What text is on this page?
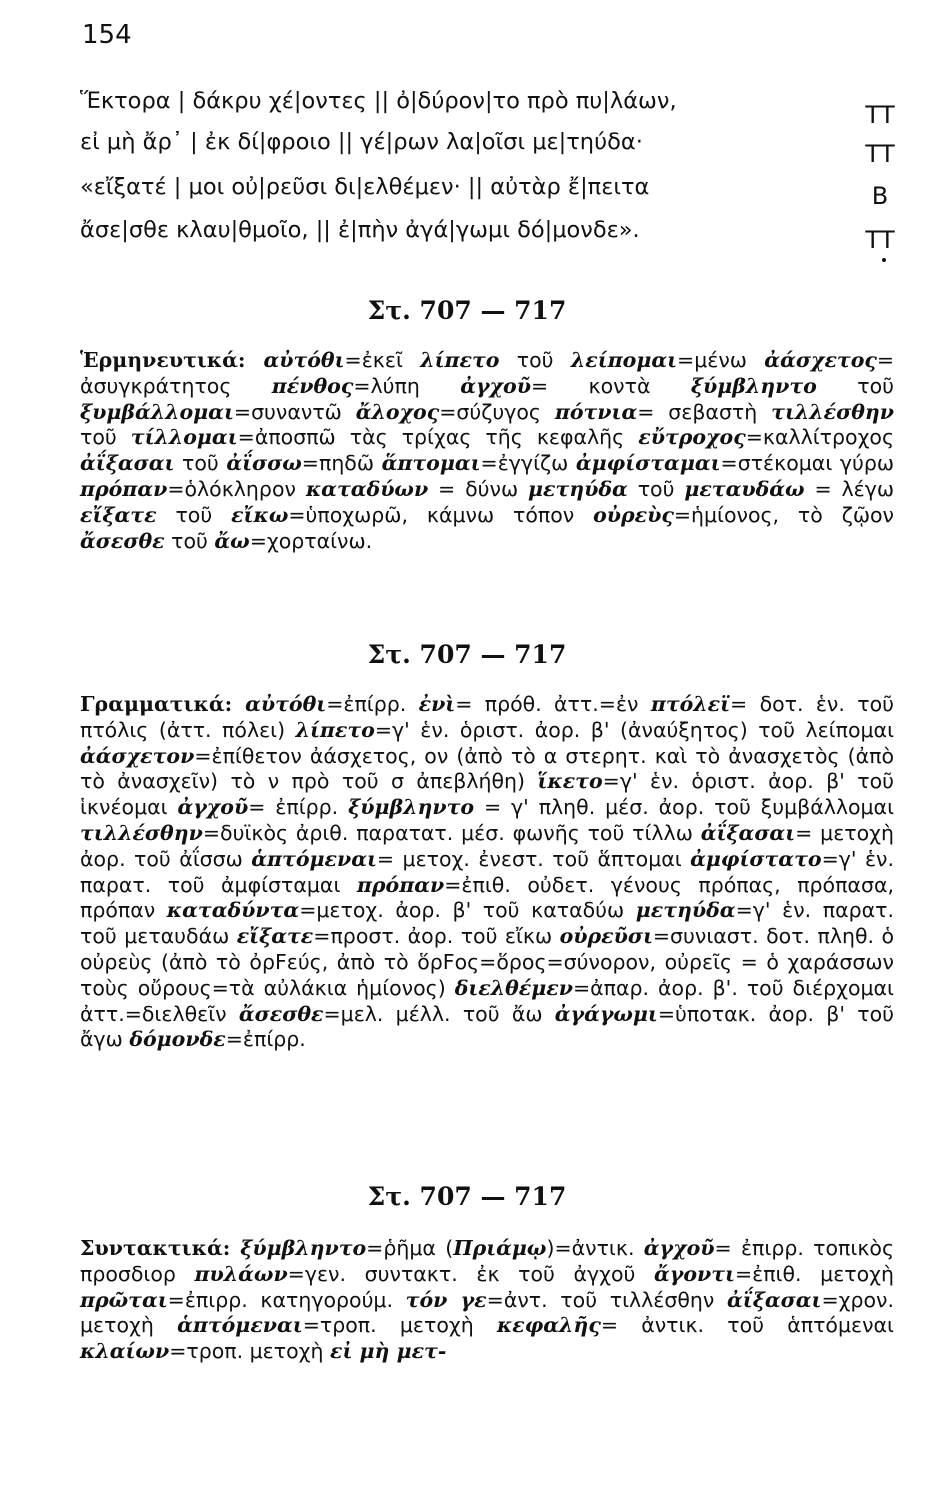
154
Ἕκτορα | δάκρυ χέ|οντες || ὀ|δύρον|το πρὸ πυ|λάων,	ΤΤ
εἰ μὴ ἄρ᾽ | ἐκ δί|φροιο || γέ|ρων λα|οῖσι με|τηύδα·	ΤΤ
«εἴξατέ | μοι οὐ|ρεῦσι δι|ελθέμεν· || αὐτὰρ ἔ|πειτα	Β
ἄσε|σθε κλαυ|θμοῖο, || ἐ|πὴν ἀγά|γωμι δό|μονδε».	ΤΤ
Στ. 707 — 717
Ἑρμηνευτικά: αὐτόθι=ἐκεῖ λίπετο τοῦ λείπομαι=μένω ἀάσχετος= ἀσυγκράτητος πένθος=λύπη ἀγχοῦ= κοντὰ ξύμβληντο τοῦ ξυμβάλλομαι=συναντῶ ἄλοχος=σύζυγος πότνια= σεβαστὴ τιλλέσθην τοῦ τίλλομαι=ἀποσπῶ τὰς τρίχας τῆς κεφαλῆς εὔτροχος=καλλίτροχος ἀΐξασαι τοῦ ἀΐσσω=πηδῶ ἅπτομαι=ἐγγίζω ἀμφίσταμαι=στέκομαι γύρω πρόπαν=ὁλόκληρον καταδύων = δύνω μετηύδα τοῦ μεταυδάω = λέγω εἴξατε τοῦ εἴκω=ὑποχωρῶ, κάμνω τόπον οὐρεὺς=ἡμίονος, τὸ ζῷον ἄσεσθε τοῦ ἄω=χορταίνω.
Στ. 707 — 717
Γραμματικά: αὐτόθι=ἐπίρρ. ἐνὶ= πρόθ. ἀττ.=ἐν πτόλεϊ= δοτ. ἑν. τοῦ πτόλις (ἀττ. πόλει) λίπετο=γ' ἑν. ὁριστ. ἀορ. β' (ἀναύξητος) τοῦ λείπομαι ἀάσχετον=ἐπίθετον ἀάσχετος, ον (ἀπὸ τὸ α στερητ. καὶ τὸ ἀνασχετὸς (ἀπὸ τὸ ἀνασχεῖν) τὸ ν πρὸ τοῦ σ ἀπεβλήθη) ἵκετο=γ' ἑν. ὁριστ. ἀορ. β' τοῦ ἱκνέομαι ἀγχοῦ= ἐπίρρ. ξύμβληντο = γ' πληθ. μέσ. ἀορ. τοῦ ξυμβάλλομαι τιλλέσθην=δυϊκὸς ἀριθ. παρατατ. μέσ. φωνῆς τοῦ τίλλω ἀΐξασαι= μετοχὴ ἀορ. τοῦ ἀΐσσω ἁπτόμεναι= μετοχ. ἐνεστ. τοῦ ἅπτομαι ἀμφίστατο=γ' ἑν. παρατ. τοῦ ἀμφίσταμαι πρόπαν=ἐπιθ. οὐδετ. γένους πρόπας, πρόπασα, πρόπαν καταδύντα=μετοχ. ἀορ. β' τοῦ καταδύω μετηύδα=γ' ἑν. παρατ. τοῦ μεταυδάω εἴξατε=προστ. ἀορ. τοῦ εἴκω οὐρεῦσι=συνιαστ. δοτ. πληθ. ὁ οὐρεὺς (ἀπὸ τὸ ὀρFεύς, ἀπὸ τὸ ὅρFος=ὅρος=σύνορον, οὐρεῖς = ὁ χαράσσων τοὺς οὔρους=τὰ αὐλάκια ἡμίονος) διελθέμεν=ἀπαρ. ἀορ. β'. τοῦ διέρχομαι ἀττ.=διελθεῖν ἄσεσθε=μελ. μέλλ. τοῦ ἄω ἀγάγωμι=ὑποτακ. ἀορ. β' τοῦ ἄγω δόμονδε=ἐπίρρ.
Στ. 707 — 717
Συντακτικά: ξύμβληντο=ῥῆμα (Πριάμῳ)=ἀντικ. ἀγχοῦ= ἐπιρρ. τοπικὸς προσδιορ πυλάων=γεν. συντακτ. ἐκ τοῦ ἀγχοῦ ἄγοντι=ἐπιθ. μετοχὴ πρῶται=ἐπιρρ. κατηγορούμ. τόν γε=ἀντ. τοῦ τιλλέσθην ἀΐξασαι=χρον. μετοχὴ ἁπτόμεναι=τροπ. μετοχὴ κεφαλῆς= ἀντικ. τοῦ ἁπτόμεναι κλαίων=τροπ. μετοχὴ εἰ μὴ μετ-
